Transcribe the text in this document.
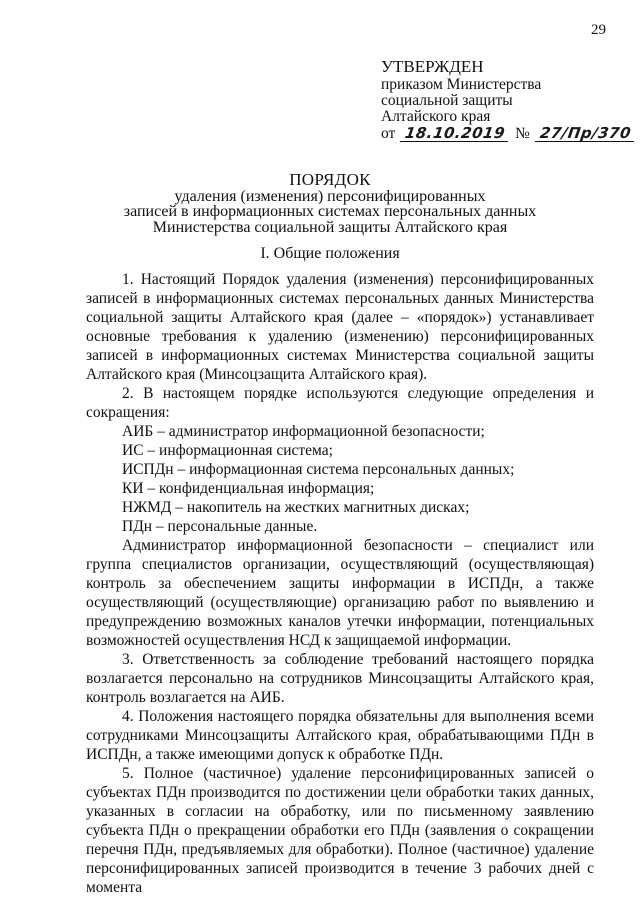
29
УТВЕРЖДЕН
приказом Министерства
социальной защиты
Алтайского края
от 18.10.2019 № 27/Пр/370
ПОРЯДОК
удаления (изменения) персонифицированных
записей в информационных системах персональных данных
Министерства социальной защиты Алтайского края
I. Общие положения

1. Настоящий Порядок удаления (изменения) персонифицированных записей в информационных системах персональных данных Министерства социальной защиты Алтайского края (далее – «порядок») устанавливает основные требования к удалению (изменению) персонифицированных записей в информационных системах Министерства социальной защиты Алтайского края (Минсоцзащита Алтайского края).

2. В настоящем порядке используются следующие определения и сокращения:

АИБ – администратор информационной безопасности;

ИС – информационная система;

ИСПДн – информационная система персональных данных;

КИ – конфиденциальная информация;

НЖМД – накопитель на жестких магнитных дисках;

ПДн – персональные данные.

Администратор информационной безопасности – специалист или группа специалистов организации, осуществляющий (осуществляющая) контроль за обеспечением защиты информации в ИСПДн, а также осуществляющий (осуществляющие) организацию работ по выявлению и предупреждению возможных каналов утечки информации, потенциальных возможностей осуществления НСД к защищаемой информации.

3. Ответственность за соблюдение требований настоящего порядка возлагается персонально на сотрудников Минсоцзащиты Алтайского края, контроль возлагается на АИБ.

4. Положения настоящего порядка обязательны для выполнения всеми сотрудниками Минсоцзащиты Алтайского края, обрабатывающими ПДн в ИСПДн, а также имеющими допуск к обработке ПДн.

5. Полное (частичное) удаление персонифицированных записей о субъектах ПДн производится по достижении цели обработки таких данных, указанных в согласии на обработку, или по письменному заявлению субъекта ПДн о прекращении обработки его ПДн (заявления о сокращении перечня ПДн, предъявляемых для обработки). Полное (частичное) удаление персонифицированных записей производится в течение 3 рабочих дней с момента
